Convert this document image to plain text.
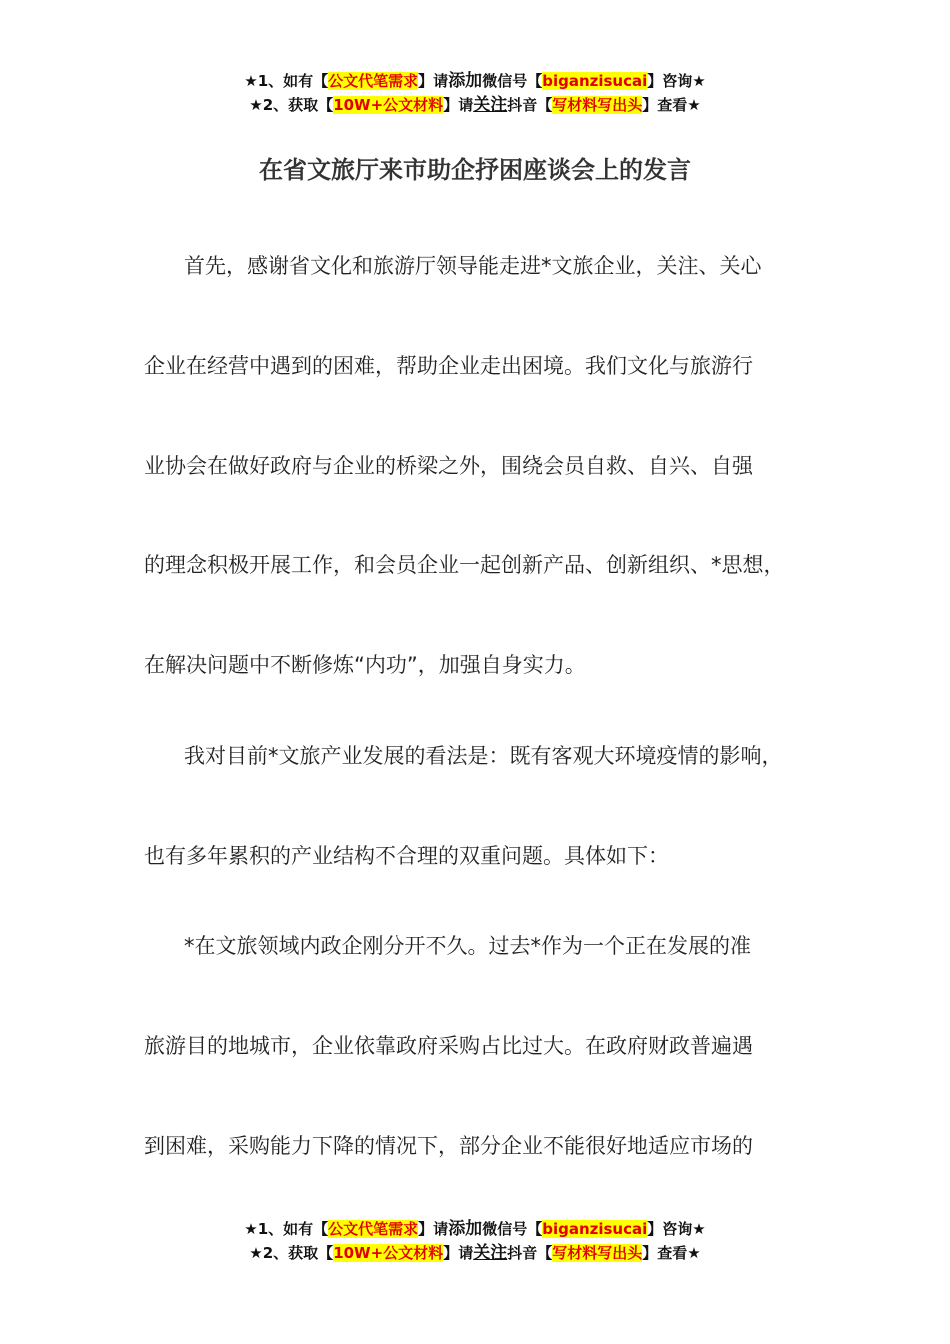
★1、如有【公文代笔需求】请添加微信号【biganzisucai】咨询★
★2、获取【10W+公文材料】请关注抖音【写材料写出头】查看★
在省文旅厅来市助企抒困座谈会上的发言
首先，感谢省文化和旅游厅领导能走进*文旅企业，关注、关心
企业在经营中遇到的困难，帮助企业走出困境。我们文化与旅游行
业协会在做好政府与企业的桥梁之外，围绕会员自救、自兴、自强
的理念积极开展工作，和会员企业一起创新产品、创新组织、*思想，
在解决问题中不断修炼“内功”，加强自身实力。
我对目前*文旅产业发展的看法是：既有客观大环境疫情的影响，
也有多年累积的产业结构不合理的双重问题。具体如下：
*在文旅领域内政企刚分开不久。过去*作为一个正在发展的准
旅游目的地城市，企业依靠政府采购占比过大。在政府财政普遍遇
到困难，采购能力下降的情况下，部分企业不能很好地适应市场的
★1、如有【公文代笔需求】请添加微信号【biganzisucai】咨询★
★2、获取【10W+公文材料】请关注抖音【写材料写出头】查看★
